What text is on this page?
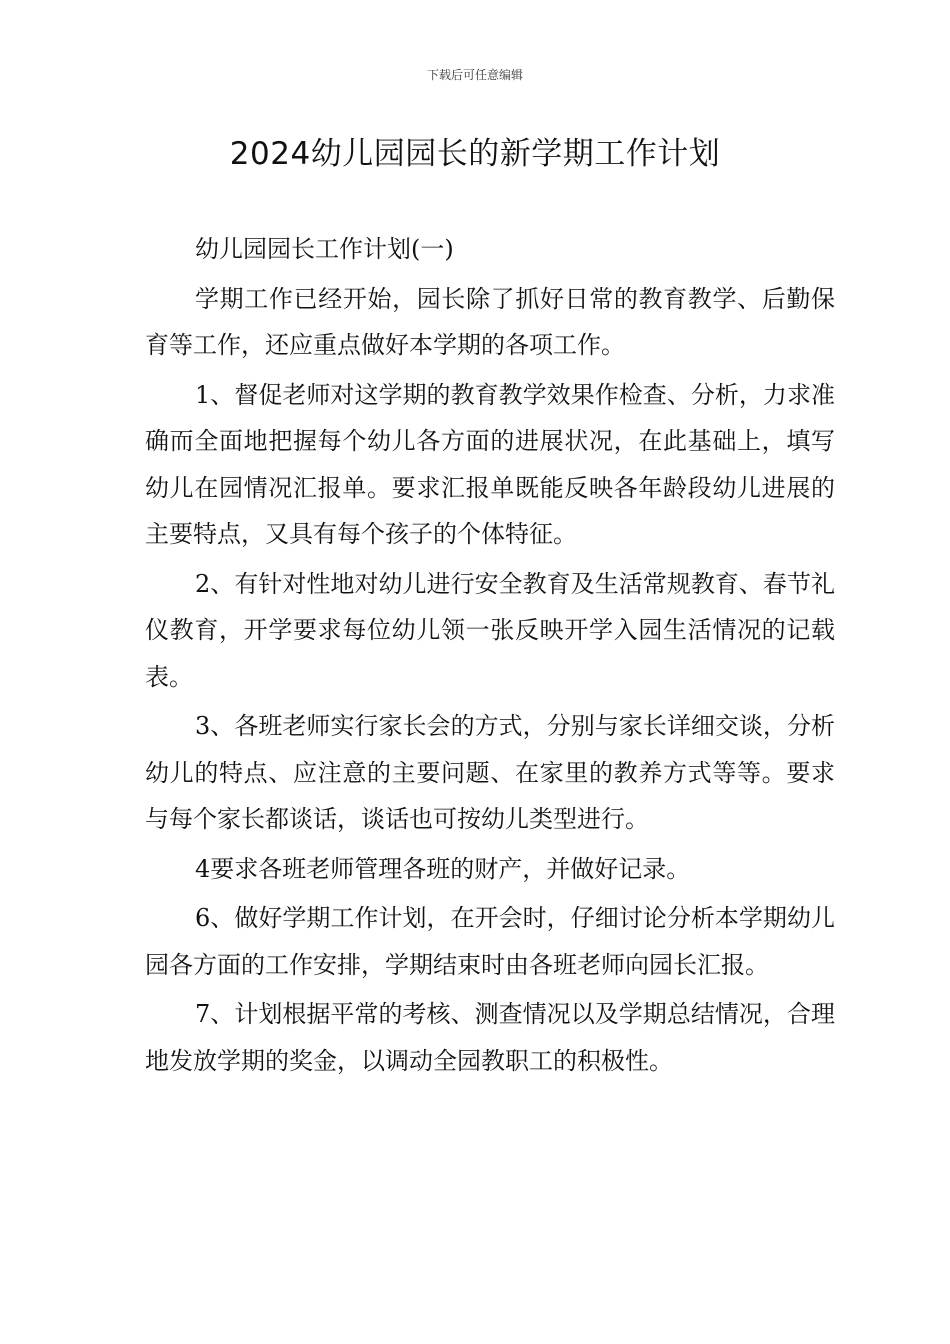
下载后可任意编辑
2024幼儿园园长的新学期工作计划

幼儿园园长工作计划(一)

学期工作已经开始，园长除了抓好日常的教育教学、后勤保育等工作，还应重点做好本学期的各项工作。

1、督促老师对这学期的教育教学效果作检查、分析，力求准确而全面地把握每个幼儿各方面的进展状况，在此基础上，填写幼儿在园情况汇报单。要求汇报单既能反映各年龄段幼儿进展的主要特点，又具有每个孩子的个体特征。

2、有针对性地对幼儿进行安全教育及生活常规教育、春节礼仪教育，开学要求每位幼儿领一张反映开学入园生活情况的记载表。

3、各班老师实行家长会的方式，分别与家长详细交谈，分析幼儿的特点、应注意的主要问题、在家里的教养方式等等。要求与每个家长都谈话，谈话也可按幼儿类型进行。

4要求各班老师管理各班的财产，并做好记录。

6、做好学期工作计划，在开会时，仔细讨论分析本学期幼儿园各方面的工作安排，学期结束时由各班老师向园长汇报。

7、计划根据平常的考核、测查情况以及学期总结情况，合理地发放学期的奖金，以调动全园教职工的积极性。
